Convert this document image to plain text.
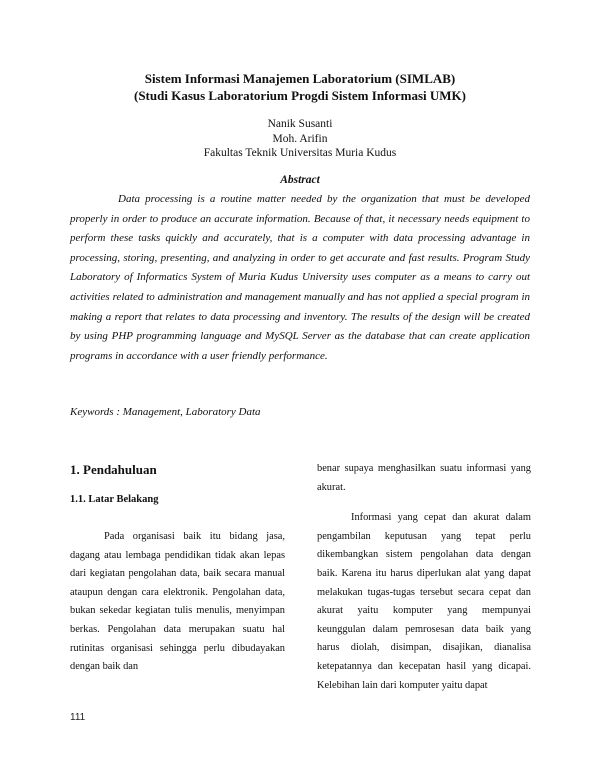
Sistem Informasi Manajemen Laboratorium (SIMLAB)

(Studi Kasus Laboratorium Progdi Sistem Informasi UMK)

Nanik Susanti
Moh. Arifin
Fakultas Teknik Universitas Muria Kudus
Abstract

Data processing is a routine matter needed by the organization that must be developed properly in order to produce an accurate information. Because of that, it necessary needs equipment to perform these tasks quickly and accurately, that is a computer with data processing advantage in processing, storing, presenting, and analyzing in order to get accurate and fast results. Program Study Laboratory of Informatics System of Muria Kudus University uses computer as a means to carry out activities related to administration and management manually and has not applied a special program in making a report that relates to data processing and inventory. The results of the design will be created by using PHP programming language and MySQL Server as the database that can create application programs in accordance with a user friendly performance.

Keywords : Management, Laboratory Data
1. Pendahuluan
1.1. Latar Belakang

Pada organisasi baik itu bidang jasa, dagang atau lembaga pendidikan tidak akan lepas dari kegiatan pengolahan data, baik secara manual ataupun dengan cara elektronik. Pengolahan data, bukan sekedar kegiatan tulis menulis, menyimpan berkas. Pengolahan data merupakan suatu hal rutinitas organisasi sehingga perlu dibudayakan dengan baik dan

benar supaya menghasilkan suatu informasi yang akurat.

Informasi yang cepat dan akurat dalam pengambilan keputusan yang tepat perlu dikembangkan sistem pengolahan data dengan baik. Karena itu harus diperlukan alat yang dapat melakukan tugas-tugas tersebut secara cepat dan akurat yaitu komputer yang mempunyai keunggulan dalam pemrosesan data baik yang harus diolah, disimpan, disajikan, dianalisa ketepatannya dan kecepatan hasil yang dicapai. Kelebihan lain dari komputer yaitu dapat

111
